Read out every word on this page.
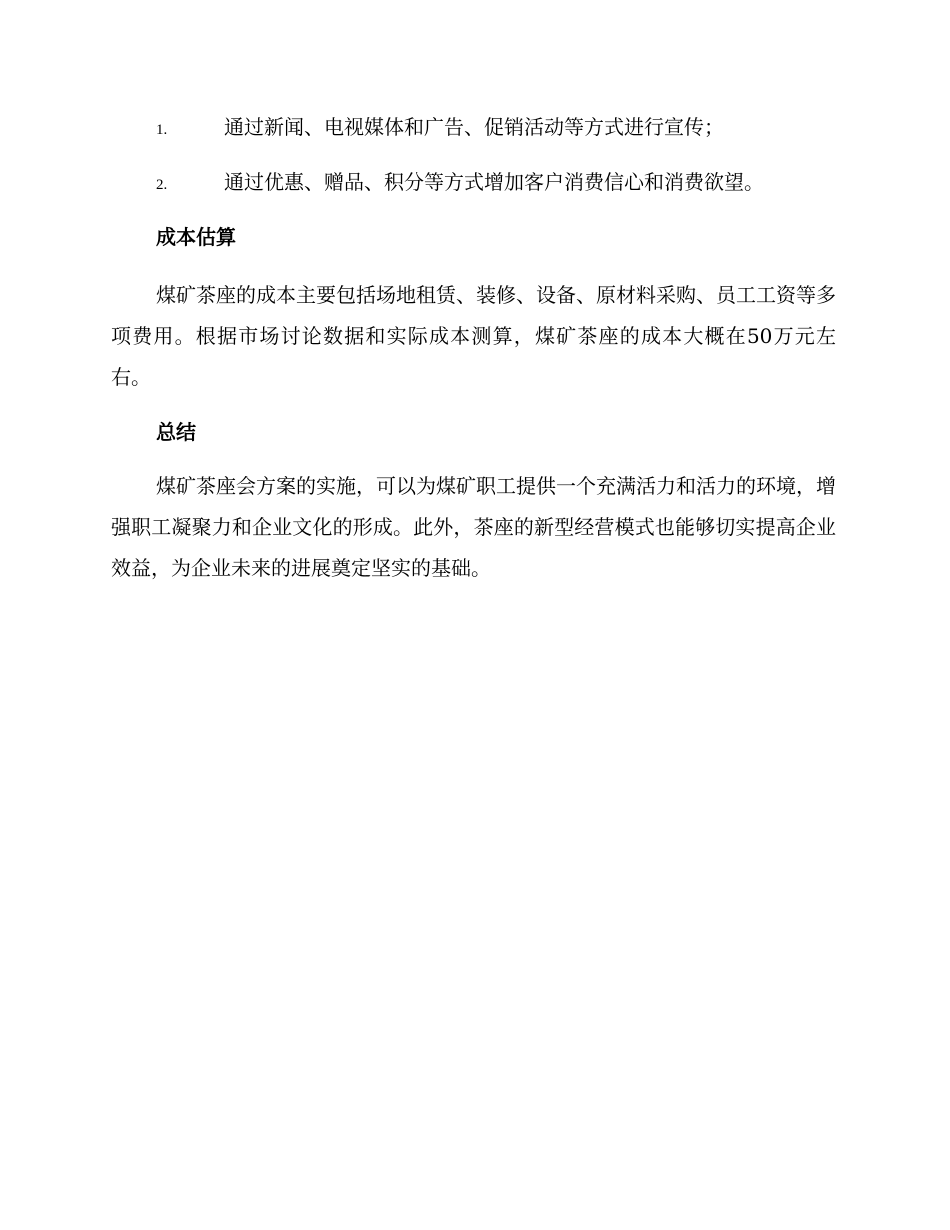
1.	通过新闻、电视媒体和广告、促销活动等方式进行宣传；
2.	通过优惠、赠品、积分等方式增加客户消费信心和消费欲望。
成本估算

煤矿茶座的成本主要包括场地租赁、装修、设备、原材料采购、员工工资等多项费用。根据市场讨论数据和实际成本测算，煤矿茶座的成本大概在50万元左右。

总结

煤矿茶座会方案的实施，可以为煤矿职工提供一个充满活力和活力的环境，增强职工凝聚力和企业文化的形成。此外，茶座的新型经营模式也能够切实提高企业效益，为企业未来的进展奠定坚实的基础。
